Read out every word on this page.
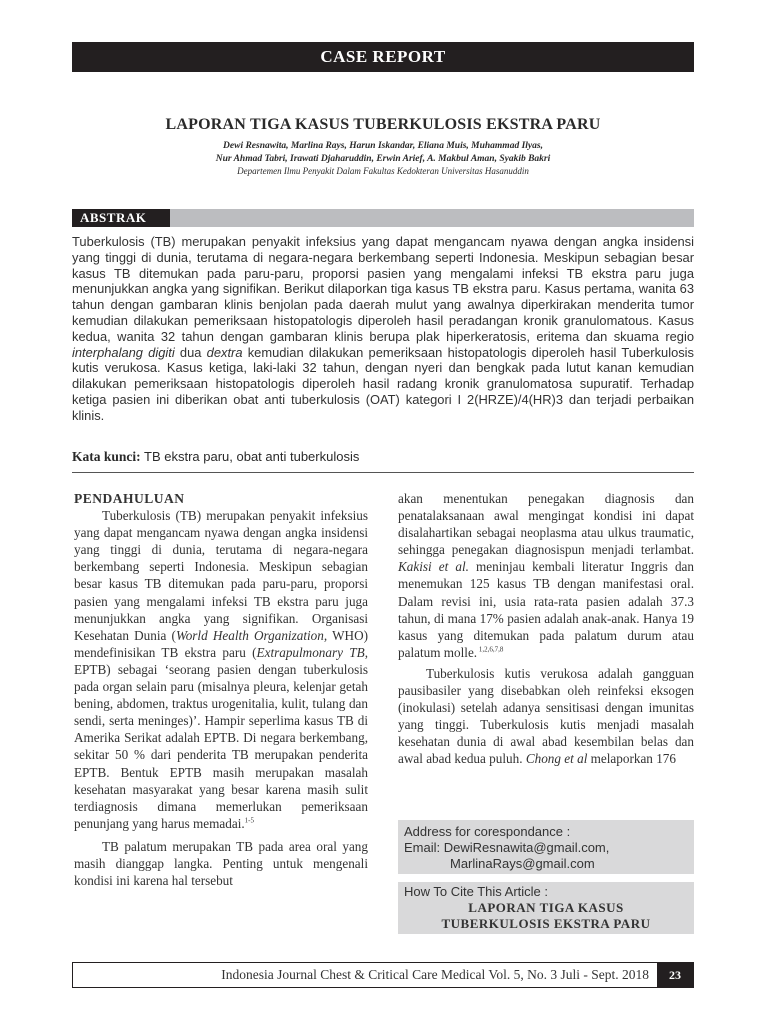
CASE REPORT
LAPORAN TIGA KASUS TUBERKULOSIS EKSTRA PARU
Dewi Resnawita, Marlina Rays, Harun Iskandar, Eliana Muis, Muhammad Ilyas,
Nur Ahmad Tabri, Irawati Djaharuddin, Erwin Arief, A. Makbul Aman, Syakib Bakri
Departemen Ilmu Penyakit Dalam Fakultas Kedokteran Universitas Hasanuddin
ABSTRAK
Tuberkulosis (TB) merupakan penyakit infeksius yang dapat mengancam nyawa dengan angka insidensi yang tinggi di dunia, terutama di negara-negara berkembang seperti Indonesia. Meskipun sebagian besar kasus TB ditemukan pada paru-paru, proporsi pasien yang mengalami infeksi TB ekstra paru juga menunjukkan angka yang signifikan. Berikut dilaporkan tiga kasus TB ekstra paru. Kasus pertama, wanita 63 tahun dengan gambaran klinis benjolan pada daerah mulut yang awalnya diperkirakan menderita tumor kemudian dilakukan pemeriksaan histopatologis diperoleh hasil peradangan kronik granulomatous. Kasus kedua, wanita 32 tahun dengan gambaran klinis berupa plak hiperkeratosis, eritema dan skuama regio interphalang digiti dua dextra kemudian dilakukan pemeriksaan histopatologis diperoleh hasil Tuberkulosis kutis verukosa. Kasus ketiga, laki-laki 32 tahun, dengan nyeri dan bengkak pada lutut kanan kemudian dilakukan pemeriksaan histopatologis diperoleh hasil radang kronik granulomatosa supuratif. Terhadap ketiga pasien ini diberikan obat anti tuberkulosis (OAT) kategori I 2(HRZE)/4(HR)3 dan terjadi perbaikan klinis.
Kata kunci: TB ekstra paru, obat anti tuberkulosis
PENDAHULUAN

Tuberkulosis (TB) merupakan penyakit infeksius yang dapat mengancam nyawa dengan angka insidensi yang tinggi di dunia, terutama di negara-negara berkembang seperti Indonesia. Meskipun sebagian besar kasus TB ditemukan pada paru-paru, proporsi pasien yang mengalami infeksi TB ekstra paru juga menunjukkan angka yang signifikan. Organisasi Kesehatan Dunia (World Health Organization, WHO) mendefinisikan TB ekstra paru (Extrapulmonary TB, EPTB) sebagai ‘seorang pasien dengan tuberkulosis pada organ selain paru (misalnya pleura, kelenjar getah bening, abdomen, traktus urogenitalia, kulit, tulang dan sendi, serta meninges)’. Hampir seperlima kasus TB di Amerika Serikat adalah EPTB. Di negara berkembang, sekitar 50 % dari penderita TB merupakan penderita EPTB. Bentuk EPTB masih merupakan masalah kesehatan masyarakat yang besar karena masih sulit terdiagnosis dimana memerlukan pemeriksaan penunjang yang harus memadai.$^{1-5}$

TB palatum merupakan TB pada area oral yang masih dianggap langka. Penting untuk mengenali kondisi ini karena hal tersebut

akan menentukan penegakan diagnosis dan penatalaksanaan awal mengingat kondisi ini dapat disalahartikan sebagai neoplasma atau ulkus traumatic, sehingga penegakan diagnosispun menjadi terlambat. Kakisi et al. meninjau kembali literatur Inggris dan menemukan 125 kasus TB dengan manifestasi oral. Dalam revisi ini, usia rata-rata pasien adalah 37.3 tahun, di mana 17% pasien adalah anak-anak. Hanya 19 kasus yang ditemukan pada palatum durum atau palatum molle. $^{1,2,6,7,8}$

Tuberkulosis kutis verukosa adalah gangguan pausibasiler yang disebabkan oleh reinfeksi eksogen (inokulasi) setelah adanya sensitisasi dengan imunitas yang tinggi. Tuberkulosis kutis menjadi masalah kesehatan dunia di awal abad kesembilan belas dan awal abad kedua puluh. Chong et al melaporkan 176

Address for corespondance :
Email: DewiResnawita@gmail.com,
MarlinaRays@gmail.com
How To Cite This Article :
LAPORAN TIGA KASUS
TUBERKULOSIS EKSTRA PARU
Indonesia Journal Chest & Critical Care Medical Vol. 5, No. 3 Juli - Sept. 2018	23
